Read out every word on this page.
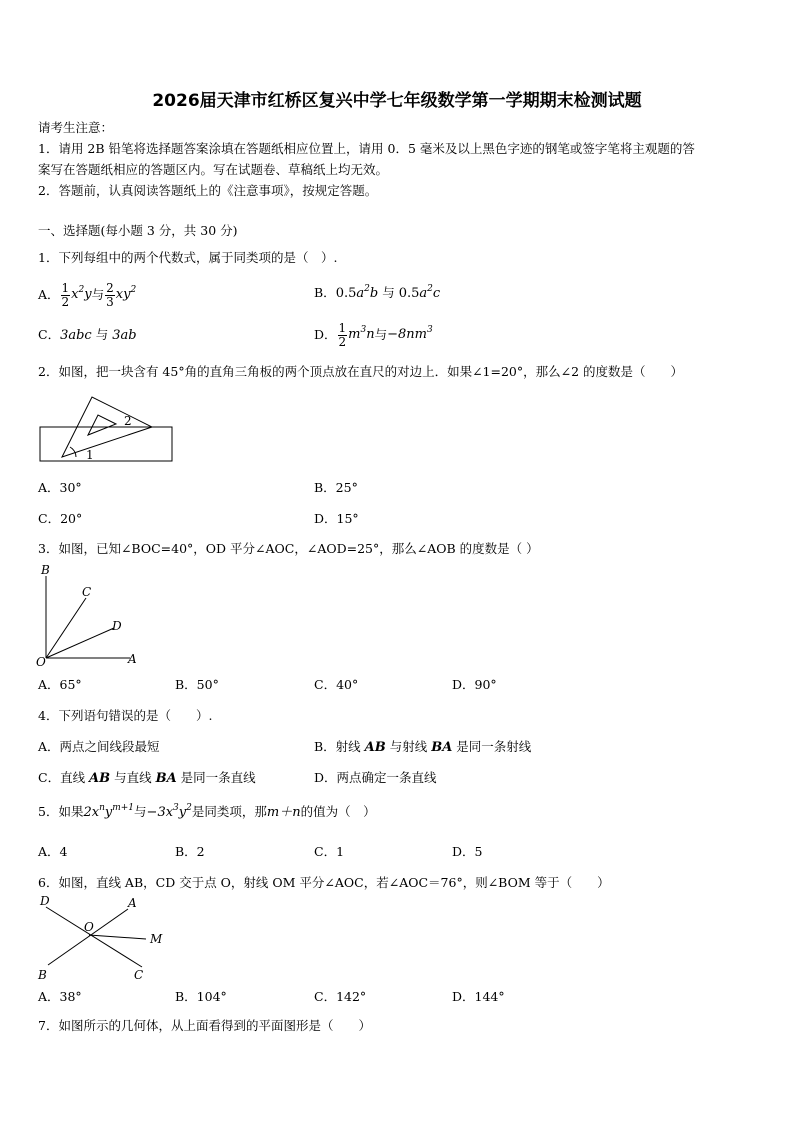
2026届天津市红桥区复兴中学七年级数学第一学期期末检测试题
请考生注意：
1．请用 2B 铅笔将选择题答案涂填在答题纸相应位置上，请用 0．5 毫米及以上黑色字迹的钢笔或签字笔将主观题的答
案写在答题纸相应的答题区内。写在试题卷、草稿纸上均无效。
2．答题前，认真阅读答题纸上的《注意事项》，按规定答题。
一、选择题(每小题 3 分，共 30 分)
1．下列每组中的两个代数式，属于同类项的是（　）.
A． $\frac{1}{2} x^2y$ 与 $\frac{2}{3} xy^2$	B．$0.5a^2b$ 与 $0.5a^2c$
C．3abc 与 3ab	D． $\frac{1}{2} m^3n$ 与 $-8nm^3$
2．如图，把一块含有 45°角的直角三角板的两个顶点放在直尺的对边上．如果∠1=20°，那么∠2 的度数是（　　）
2
1
A．30°	B．25°
C．20°	D．15°
3．如图，已知∠BOC=40°，OD 平分∠AOC，∠AOD=25°，那么∠AOB 的度数是（ ）
B
C
D
O	A
A．65°	B．50°	C．40°	D．90°
4．下列语句错误的是（　　）.
A．两点之间线段最短	B．射线 AB 与射线 BA 是同一条射线
C．直线 AB 与直线 BA 是同一条直线	D．两点确定一条直线
5．如果$2x^ny^{m+1}$与$-3x^3y^2$是同类项，那m＋n的值为（　）
A．4	B．2	C．1	D．5
6．如图，直线 AB，CD 交于点 O，射线 OM 平分∠AOC，若∠AOC＝76°，则∠BOM 等于（　　）
D	A
O
M
B	C
A．38°	B．104°	C．142°	D．144°
7．如图所示的几何体，从上面看得到的平面图形是（　　）
